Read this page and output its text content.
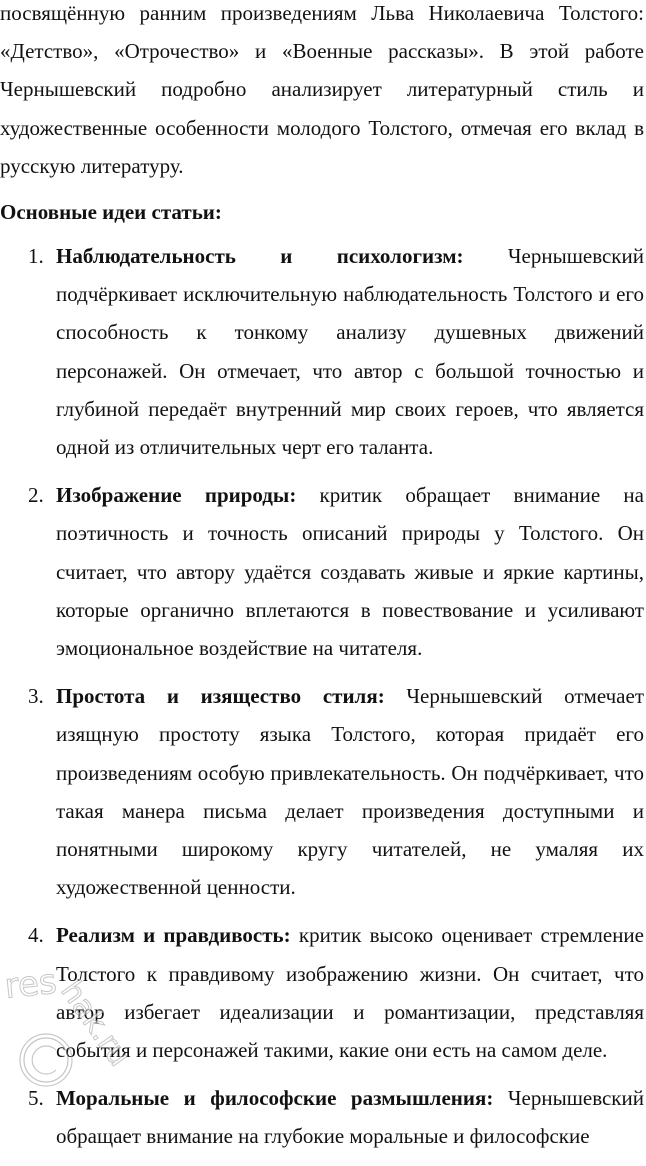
посвящённую ранним произведениям Льва Николаевича Толстого: «Детство», «Отрочество» и «Военные рассказы». В этой работе Чернышевский подробно анализирует литературный стиль и художественные особенности молодого Толстого, отмечая его вклад в русскую литературу.

Основные идеи статьи:
1. Наблюдательность и психологизм: Чернышевский подчёркивает исключительную наблюдательность Толстого и его способность к тонкому анализу душевных движений персонажей. Он отмечает, что автор с большой точностью и глубиной передаёт внутренний мир своих героев, что является одной из отличительных черт его таланта.
2. Изображение природы: критик обращает внимание на поэтичность и точность описаний природы у Толстого. Он считает, что автору удаётся создавать живые и яркие картины, которые органично вплетаются в повествование и усиливают эмоциональное воздействие на читателя.
3. Простота и изящество стиля: Чернышевский отмечает изящную простоту языка Толстого, которая придаёт его произведениям особую привлекательность. Он подчёркивает, что такая манера письма делает произведения доступными и понятными широкому кругу читателей, не умаляя их художественной ценности.
4. Реализм и правдивость: критик высоко оценивает стремление Толстого к правдивому изображению жизни. Он считает, что автор избегает идеализации и романтизации, представляя события и персонажей такими, какие они есть на самом деле.
5. Моральные и философские размышления: Чернышевский обращает внимание на глубокие моральные и философские
res
hak.ru
